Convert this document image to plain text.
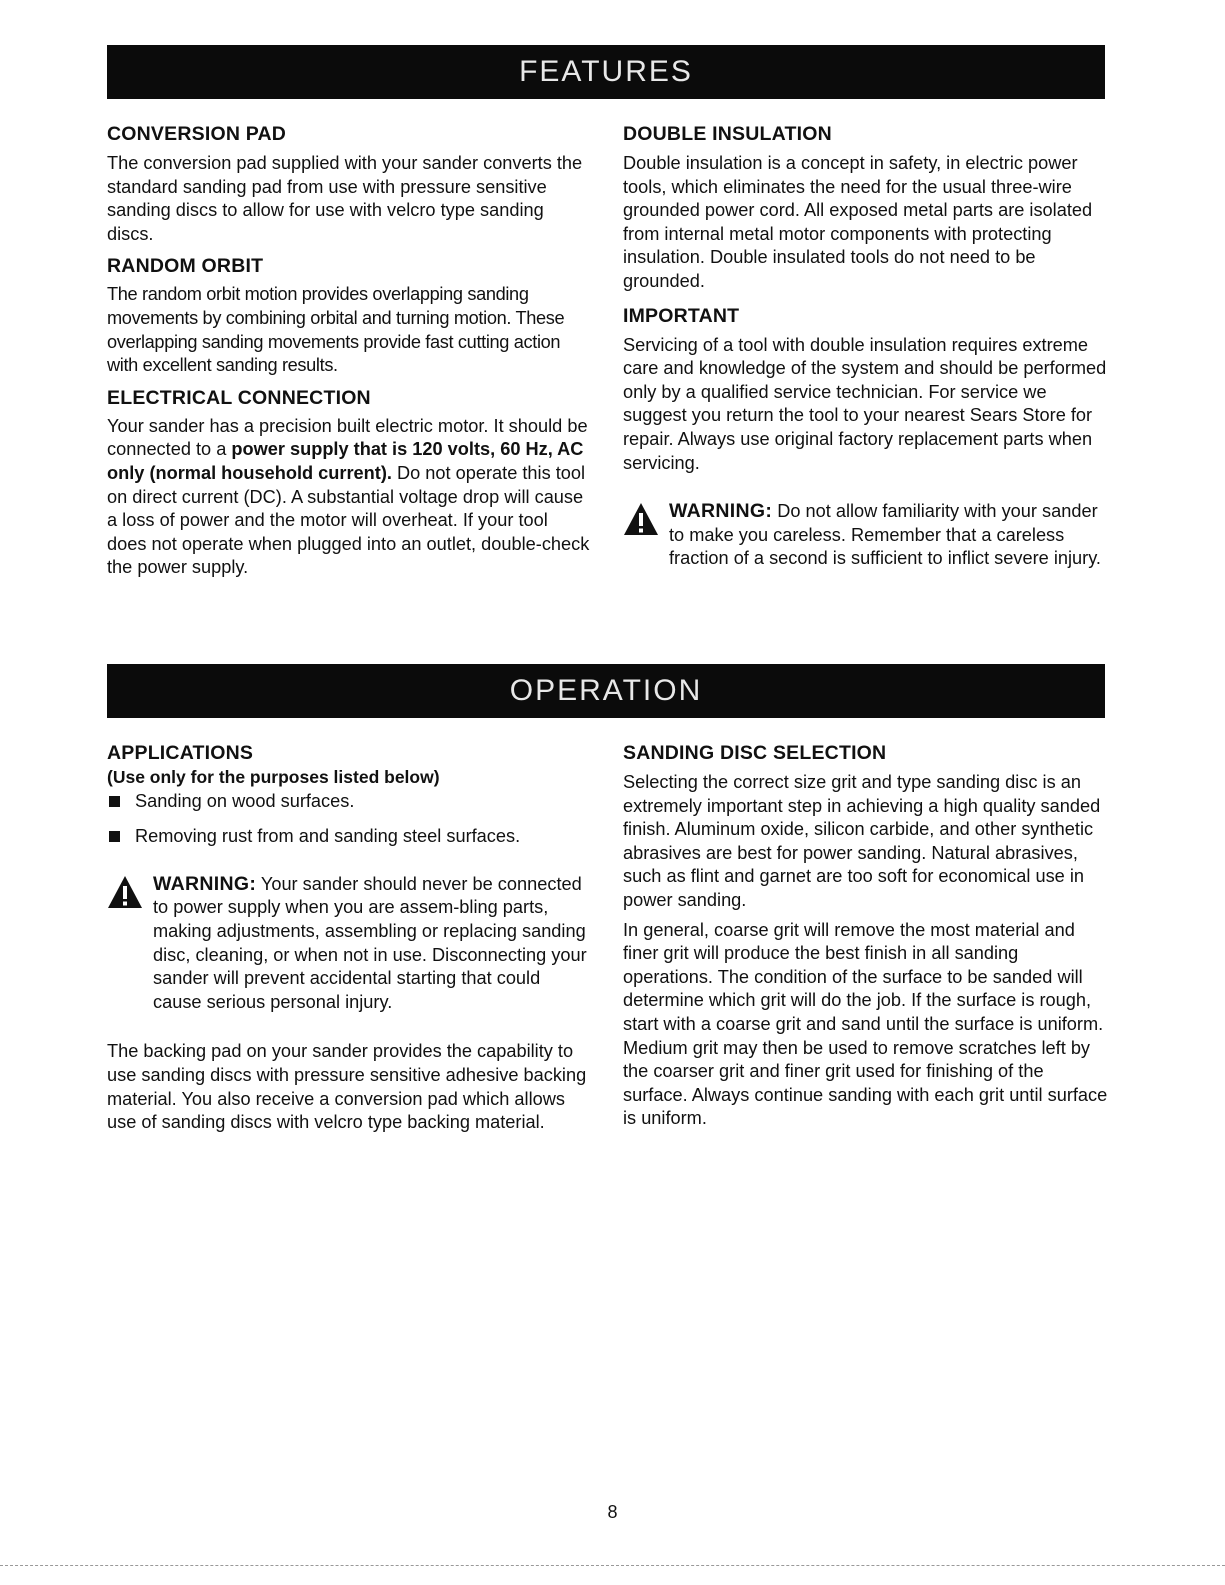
FEATURES
CONVERSION PAD

The conversion pad supplied with your sander converts the standard sanding pad from use with pressure sensitive sanding discs to allow for use with velcro type sanding discs.

RANDOM ORBIT

The random orbit motion provides overlapping sanding movements by combining orbital and turning motion. These overlapping sanding movements provide fast cutting action with excellent sanding results.

ELECTRICAL CONNECTION

Your sander has a precision built electric motor. It should be connected to a power supply that is 120 volts, 60 Hz, AC only (normal household current). Do not operate this tool on direct current (DC). A substantial voltage drop will cause a loss of power and the motor will overheat. If your tool does not operate when plugged into an outlet, double-check the power supply.

DOUBLE INSULATION

Double insulation is a concept in safety, in electric power tools, which eliminates the need for the usual three-wire grounded power cord. All exposed metal parts are isolated from internal metal motor components with protecting insulation. Double insulated tools do not need to be grounded.

IMPORTANT

Servicing of a tool with double insulation requires extreme care and knowledge of the system and should be performed only by a qualified service technician. For service we suggest you return the tool to your nearest Sears Store for repair. Always use original factory replacement parts when servicing.

WARNING: Do not allow familiarity with your sander to make you careless. Remember that a careless fraction of a second is sufficient to inflict severe injury.

OPERATION
APPLICATIONS

(Use only for the purposes listed below)

Sanding on wood surfaces.
Removing rust from and sanding steel surfaces.

WARNING: Your sander should never be connected to power supply when you are assem-bling parts, making adjustments, assembling or replacing sanding disc, cleaning, or when not in use. Disconnecting your sander will prevent accidental starting that could cause serious personal injury.

The backing pad on your sander provides the capability to use sanding discs with pressure sensitive adhesive backing material. You also receive a conversion pad which allows use of sanding discs with velcro type backing material.

SANDING DISC SELECTION

Selecting the correct size grit and type sanding disc is an extremely important step in achieving a high quality sanded finish. Aluminum oxide, silicon carbide, and other synthetic abrasives are best for power sanding. Natural abrasives, such as flint and garnet are too soft for economical use in power sanding.

In general, coarse grit will remove the most material and finer grit will produce the best finish in all sanding operations. The condition of the surface to be sanded will determine which grit will do the job. If the surface is rough, start with a coarse grit and sand until the surface is uniform. Medium grit may then be used to remove scratches left by the coarser grit and finer grit used for finishing of the surface. Always continue sanding with each grit until surface is uniform.

8
